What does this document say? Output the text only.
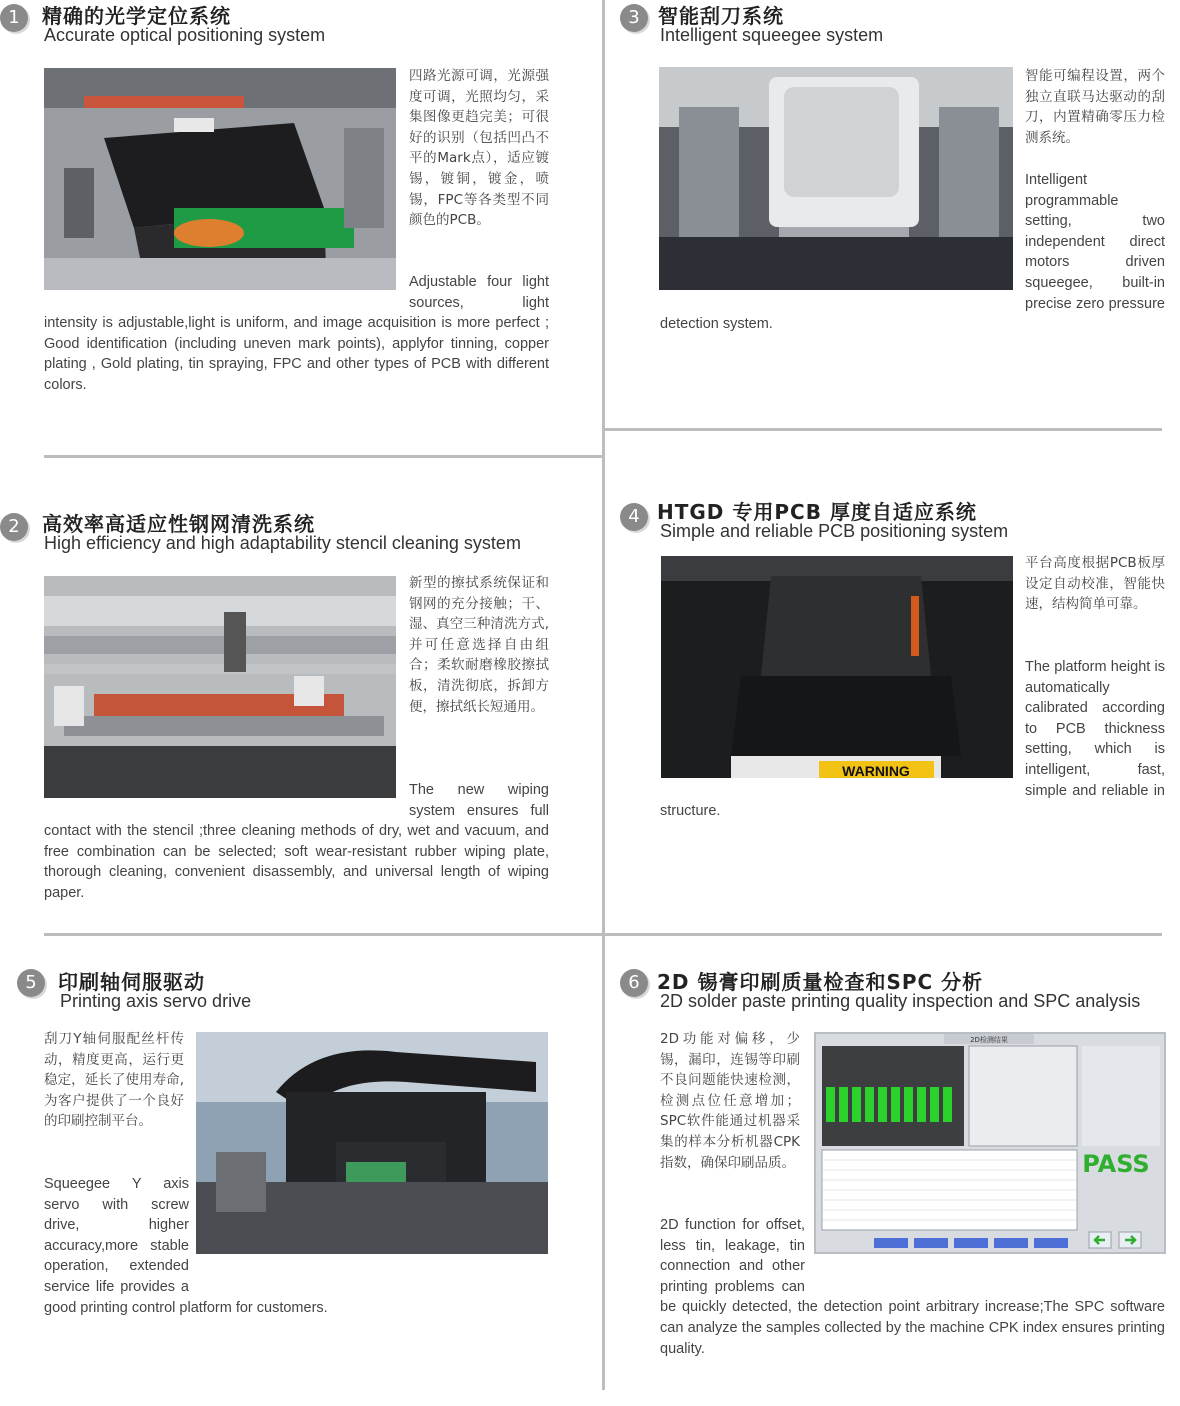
1	精确的光学定位系统
Accurate optical positioning system
四路光源可调，光源强度可调，光照均匀，采集图像更趋完美；可很好的识别（包括凹凸不平的Mark点），适应镀锡，镀铜，镀金，喷锡，FPC等各类型不同颜色的PCB。
Adjustable four light sources, light intensity is adjustable,light is uniform, and image acquisition is more perfect ; Good identification (including uneven mark points), applyfor tinning, copper plating , Gold plating, tin spraying, FPC and other types of PCB with different colors.
2	高效率高适应性钢网清洗系统
High efficiency and high adaptability stencil cleaning system
新型的擦拭系统保证和钢网的充分接触；干、湿、真空三种清洗方式,并可任意选择自由组合；柔软耐磨橡胶擦拭板，清洗彻底，拆卸方便，擦拭纸长短通用。
The new wiping system ensures full contact with the stencil ;three cleaning methods of dry, wet and vacuum, and free combination can be selected; soft wear-resistant rubber wiping plate, thorough cleaning, convenient disassembly, and universal length of wiping paper.
3 智能刮刀系统
Intelligent squeegee system
智能可编程设置，两个独立直联马达驱动的刮刀，内置精确零压力检测系统。
Intelligent programmable setting, two independent direct motors driven squeegee, built-in precise zero pressure detection system.
4 HTGD 专用PCB 厚度自适应系统
Simple and reliable PCB positioning system
WARNING
平台高度根据PCB板厚设定自动校准，智能快速，结构简单可靠。
The platform height is automatically calibrated according to PCB thickness setting, which is intelligent, fast, simple and reliable in structure.
5	印刷轴伺服驱动
Printing axis servo drive
刮刀Y轴伺服配丝杆传动，精度更高，运行更稳定，延长了使用寿命,为客户提供了一个良好的印刷控制平台。
Squeegee Y axis servo with screw drive, higher accuracy,more stable operation, extended service life provides a good printing control platform for customers.
6 2D 锡膏印刷质量检查和SPC 分析
2D solder paste printing quality inspection and SPC analysis
2D功能对偏移，少锡，漏印，连锡等印刷不良问题能快速检测，检测点位任意增加；SPC软件能通过机器采集的样本分析机器CPK指数，确保印刷品质。
2D检测结果
PASS
2D function for offset, less tin, leakage, tin connection and other printing problems can be quickly detected, the detection point arbitrary increase;The SPC software can analyze the samples collected by the machine CPK index ensures printing quality.
